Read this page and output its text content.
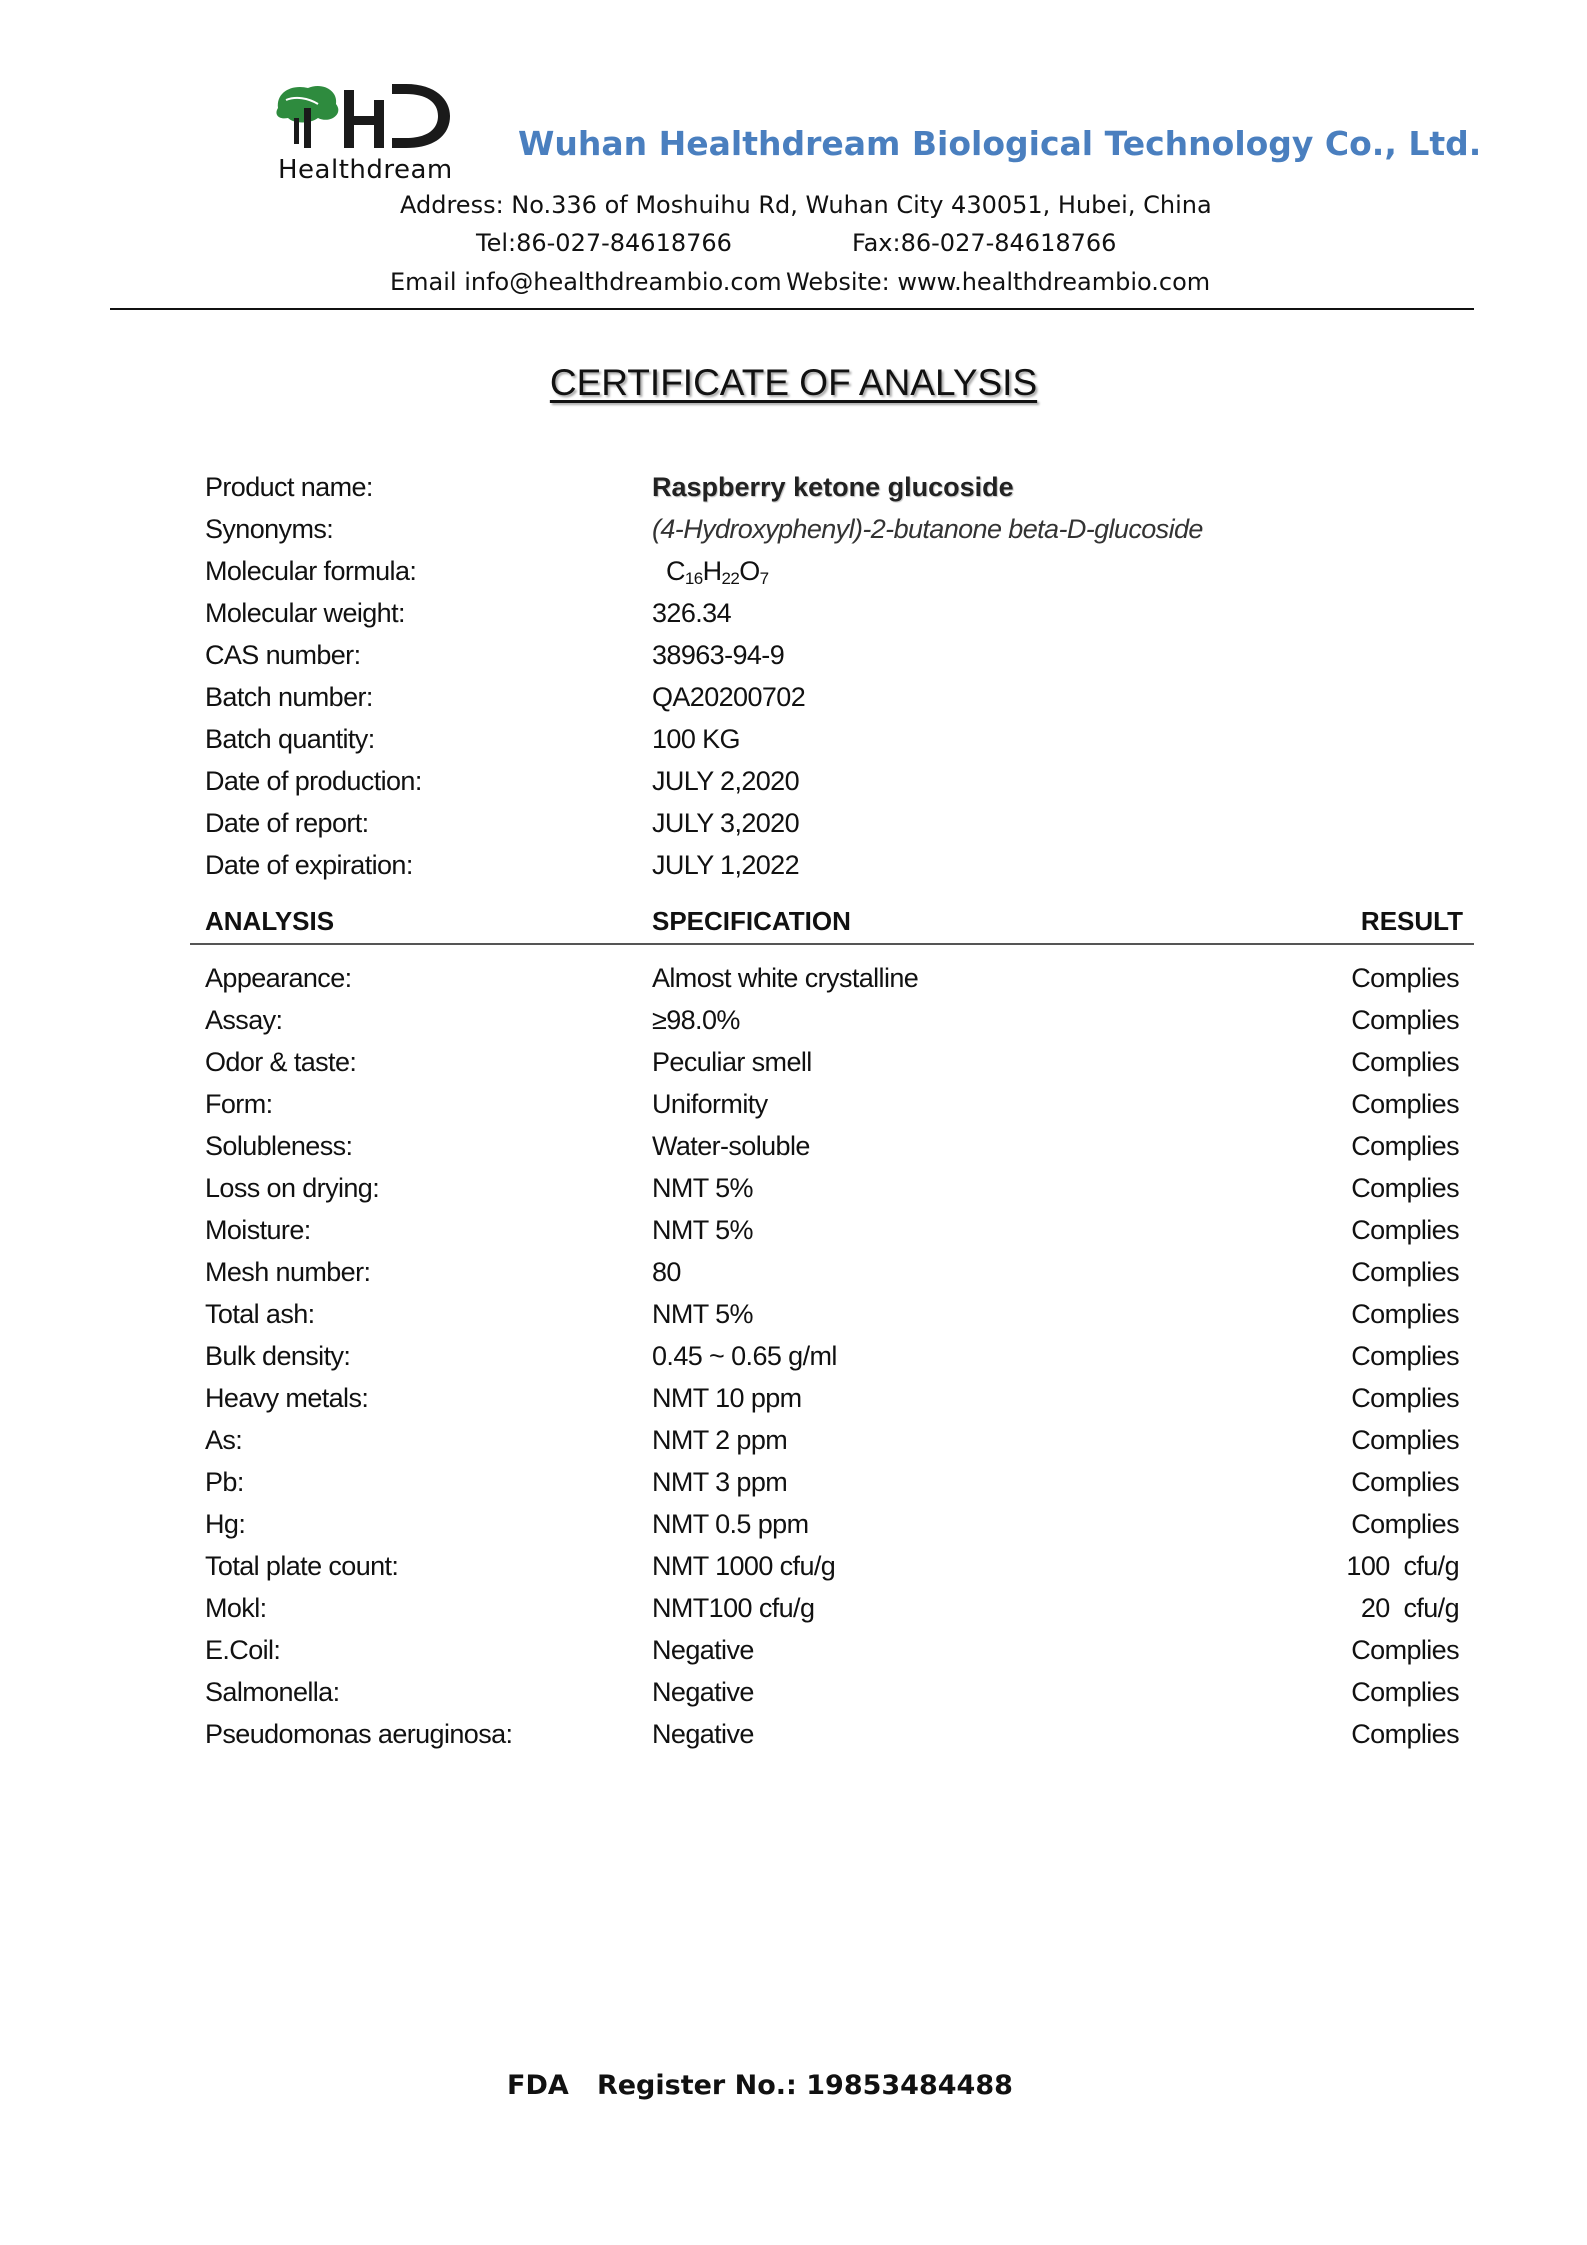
Healthdream
Wuhan Healthdream Biological Technology Co., Ltd.
Address: No.336 of Moshuihu Rd, Wuhan City 430051, Hubei, China
Tel:86-027-84618766	Fax:86-027-84618766
Email info@healthdreambio.com Website: www.healthdreambio.com
CERTIFICATE OF ANALYSIS
Product name:	Raspberry ketone glucoside
Synonyms:	(4-Hydroxyphenyl)-2-butanone beta-D-glucoside
Molecular formula:	$C_{16}H_{22}O_7$
Molecular weight:	326.34
CAS number:	38963-94-9
Batch number:	QA20200702
Batch quantity:	100 KG
Date of production:	JULY 2,2020
Date of report:	JULY 3,2020
Date of expiration:	JULY 1,2022
ANALYSIS	SPECIFICATION	RESULT
Appearance:	Almost white crystalline	Complies
Assay:	≥98.0%	Complies
Odor & taste:	Peculiar smell	Complies
Form:	Uniformity	Complies
Solubleness:	Water-soluble	Complies
Loss on drying:	NMT 5%	Complies
Moisture:	NMT 5%	Complies
Mesh number:	80	Complies
Total ash:	NMT 5%	Complies
Bulk density:	0.45 ~ 0.65 g/ml	Complies
Heavy metals:	NMT 10 ppm	Complies
As:	NMT 2 ppm	Complies
Pb:	NMT 3 ppm	Complies
Hg:	NMT 0.5 ppm	Complies
Total plate count:	NMT 1000 cfu/g	100  cfu/g
Mokl:	NMT100 cfu/g	20  cfu/g
E.Coil:	Negative	Complies
Salmonella:	Negative	Complies
Pseudomonas aeruginosa:	Negative	Complies
FDA   Register No.: 19853484488
